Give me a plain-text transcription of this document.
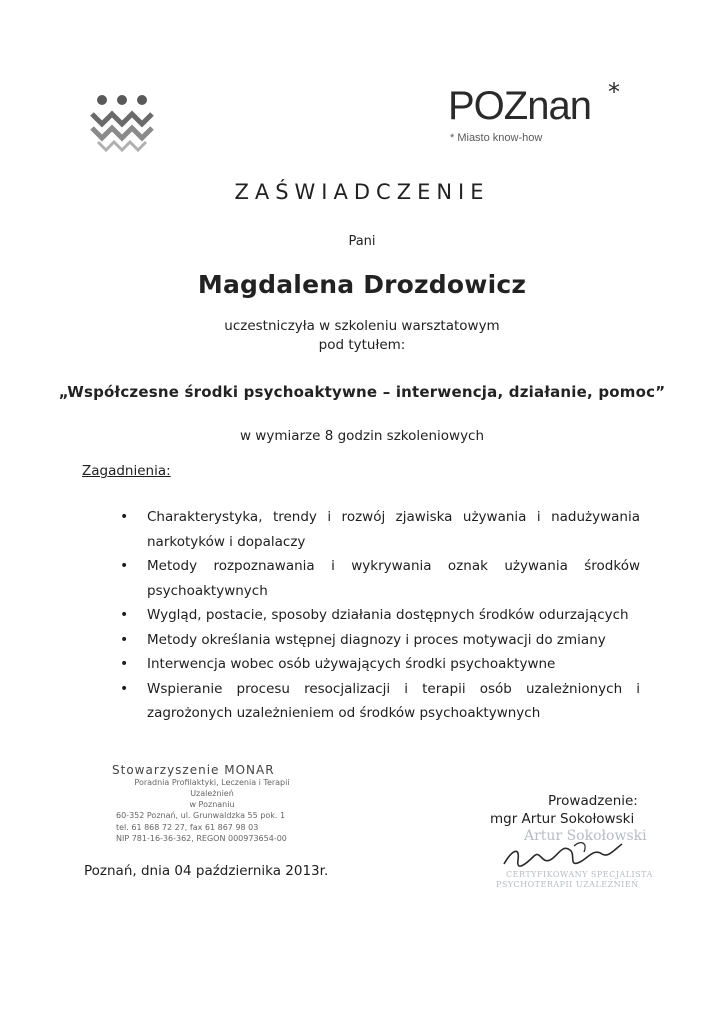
POZnan *
* Miasto know-how
ZAŚWIADCZENIE
Pani
Magdalena Drozdowicz
uczestniczyła w szkoleniu warsztatowym
pod tytułem:
„Współczesne środki psychoaktywne – interwencja, działanie, pomoc”
w wymiarze 8 godzin szkoleniowych
Zagadnienia:
• Charakterystyka, trendy i rozwój zjawiska używania i nadużywania narkotyków i dopalaczy
• Metody rozpoznawania i wykrywania oznak używania środków psychoaktywnych
• Wygląd, postacie, sposoby działania dostępnych środków odurzających
• Metody określania wstępnej diagnozy i proces motywacji do zmiany
• Interwencja wobec osób używających środki psychoaktywne
• Wspieranie procesu resocjalizacji i terapii osób uzależnionych i zagrożonych uzależnieniem od środków psychoaktywnych
Stowarzyszenie MONAR
Poradnia Profilaktyki, Leczenia i Terapii Uzależnień
w Poznaniu
60-352 Poznań, ul. Grunwaldzka 55 pok. 1
tel. 61 868 72 27, fax 61 867 98 03
NIP 781-16-36-362, REGON 000973654-00	Artur Sokołowski
CERTYFIKOWANY SPECJALISTA
PSYCHOTERAPII UZALEŻNIEŃ
Prowadzenie:
mgr Artur Sokołowski
Poznań, dnia 04 października 2013r.
